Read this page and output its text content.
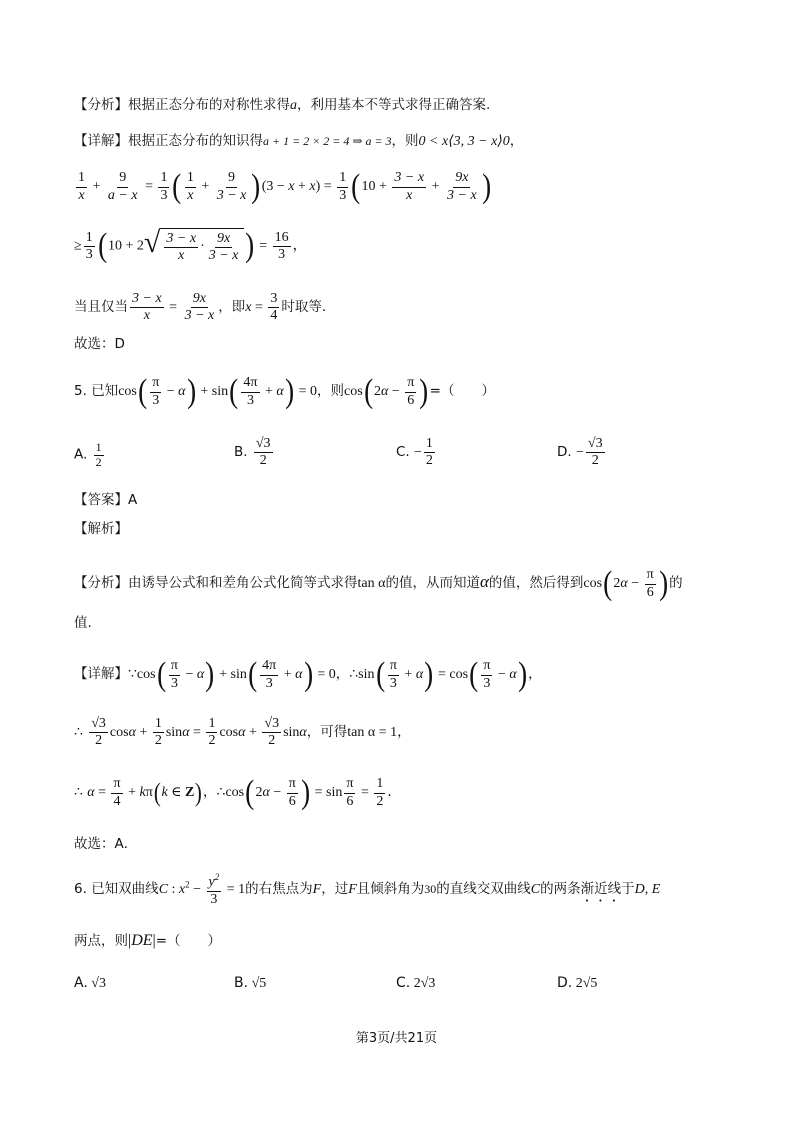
【分析】根据正态分布的对称性求得a，利用基本不等式求得正确答案.
【详解】根据正态分布的知识得a + 1 = 2 × 2 = 4 ⇒ a = 3，则0 < x⟨3, 3 − x⟩0，
$\frac{1}{x} + \frac{9}{a - x} = \frac{1}{3}$ ( $\frac{1}{x} + \frac{9}{3 - x} )(3 - x + x) = \frac{1}{3} (10 + \frac{3 - x}{x} + \frac{9x}{3 - x}$ )
≥ $\frac{1}{3} (10 + 2$ √ $\frac{3 - x}{x} \cdot \frac{9x}{3 - x}$ ) = $\frac{16}{3}$ ，
当且仅当 $\frac{3 - x}{x} = \frac{9x}{3 - x}$ ，即$x = \frac{3}{4}$ 时取等.
故选：D
5. 已知$\cos( \frac{\pi}{3} - \alpha) + \sin( \frac{4\pi}{3} + \alpha) = 0$，则$\cos(2\alpha - \frac{\pi}{6}$ )=（　　）
A. $\frac{1}{2}$	B. $\frac{√3}{2}$	C. − $\frac{1}{2}$	D. − $\frac{√3}{2}$
【答案】A
【解析】
【分析】由诱导公式和和差角公式化简等式求得tan α的值，从而知道α的值，然后得到$\cos(2\alpha - \frac{\pi}{6}$ )的
值.
【详解】∵cos( $\frac{\pi}{3} - \alpha) + \sin( \frac{4\pi}{3} + \alpha) = 0$，∴sin( $\frac{\pi}{3} + \alpha) = \cos( \frac{\pi}{3} - \alpha)$，
∴ $\frac{√3}{2}$ $\cos\alpha + \frac{1}{2}$ $\sin\alpha = \frac{1}{2}$ $\cos\alpha + \frac{√3}{2}$ sinα，可得tan α = 1，
∴ $\alpha = \frac{\pi}{4} + k\pi(k$ ∈ Z)，∴cos(2α − $\frac{\pi}{6}$ ) = $\sin \frac{\pi}{6} = \frac{1}{2}$ .
故选：A．
6. 已知双曲线C : $x^2 - \frac{y^2}{3} = 1$的右焦点为F，过F且倾斜角为30的直线交双曲线C的两条渐近线于D, E
两点，则|DE|=（　　）
A. √3	B. √5	C. 2√3	D. 2√5
第3页/共21页
